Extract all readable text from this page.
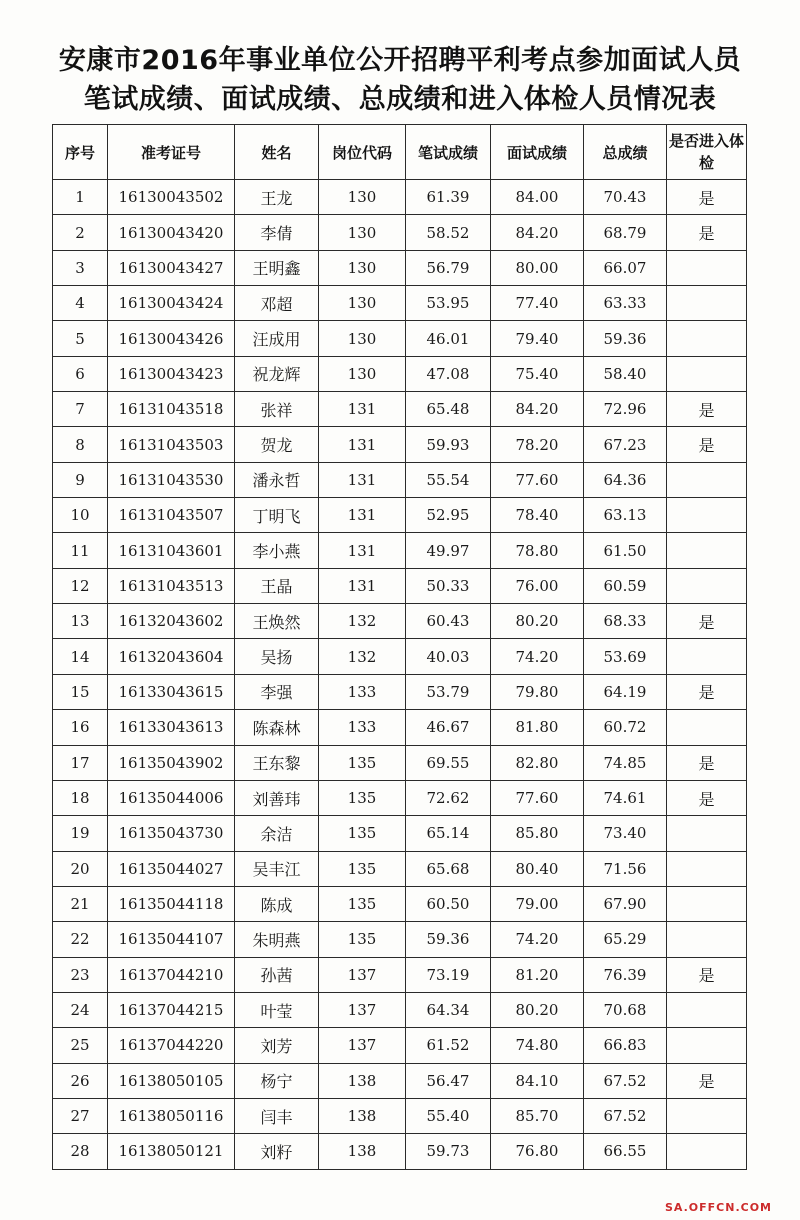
安康市2016年事业单位公开招聘平利考点参加面试人员
笔试成绩、面试成绩、总成绩和进入体检人员情况表
序号	准考证号	姓名	岗位代码	笔试成绩	面试成绩	总成绩	是否进入体检
1	16130043502	王龙	130	61.39	84.00	70.43	是
2	16130043420	李倩	130	58.52	84.20	68.79	是
3	16130043427	王明鑫	130	56.79	80.00	66.07	
4	16130043424	邓超	130	53.95	77.40	63.33	
5	16130043426	汪成用	130	46.01	79.40	59.36	
6	16130043423	祝龙辉	130	47.08	75.40	58.40	
7	16131043518	张祥	131	65.48	84.20	72.96	是
8	16131043503	贺龙	131	59.93	78.20	67.23	是
9	16131043530	潘永哲	131	55.54	77.60	64.36	
10	16131043507	丁明飞	131	52.95	78.40	63.13	
11	16131043601	李小燕	131	49.97	78.80	61.50	
12	16131043513	王晶	131	50.33	76.00	60.59	
13	16132043602	王焕然	132	60.43	80.20	68.33	是
14	16132043604	吴扬	132	40.03	74.20	53.69	
15	16133043615	李强	133	53.79	79.80	64.19	是
16	16133043613	陈森林	133	46.67	81.80	60.72	
17	16135043902	王东黎	135	69.55	82.80	74.85	是
18	16135044006	刘善玮	135	72.62	77.60	74.61	是
19	16135043730	余洁	135	65.14	85.80	73.40	
20	16135044027	吴丰江	135	65.68	80.40	71.56	
21	16135044118	陈成	135	60.50	79.00	67.90	
22	16135044107	朱明燕	135	59.36	74.20	65.29	
23	16137044210	孙茜	137	73.19	81.20	76.39	是
24	16137044215	叶莹	137	64.34	80.20	70.68	
25	16137044220	刘芳	137	61.52	74.80	66.83	
26	16138050105	杨宁	138	56.47	84.10	67.52	是
27	16138050116	闫丰	138	55.40	85.70	67.52	
28	16138050121	刘籽	138	59.73	76.80	66.55	
SA.OFFCN.COM
